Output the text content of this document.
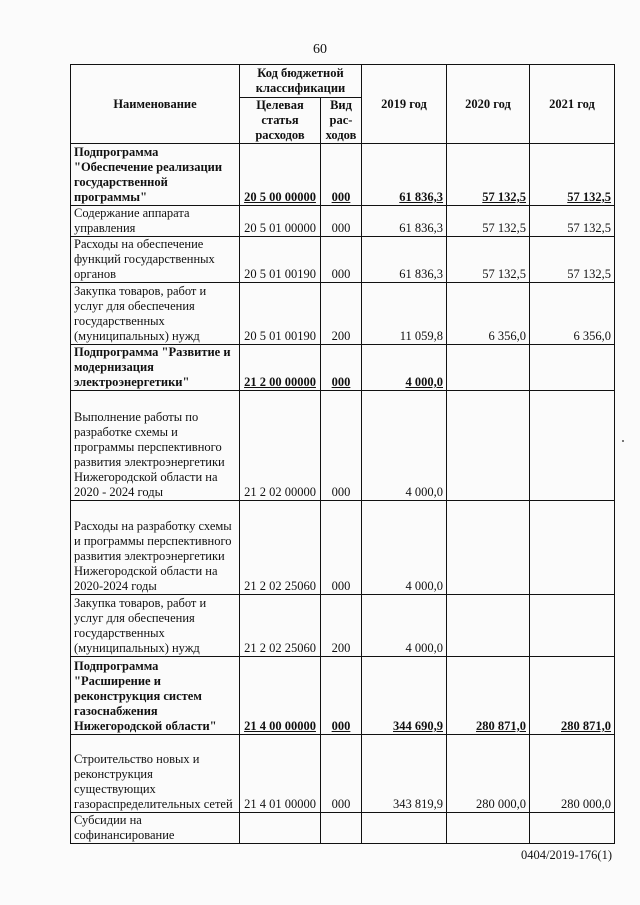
60
Наименование	Код бюджетной классификации		2019 год	2020 год	2021 год
	Целевая статья расходов	Вид рас- ходов			
Подпрограмма "Обеспечение реализации государственной программы"	20 5 00 00000	000	61 836,3	57 132,5	57 132,5
Содержание аппарата управления	20 5 01 00000	000	61 836,3	57 132,5	57 132,5
Расходы на обеспечение функций государственных органов	20 5 01 00190	000	61 836,3	57 132,5	57 132,5
Закупка товаров, работ и услуг для обеспечения государственных (муниципальных) нужд	20 5 01 00190	200	11 059,8	6 356,0	6 356,0
Подпрограмма "Развитие и модернизация электроэнергетики"	21 2 00 00000	000	4 000,0		
Выполнение работы по разработке схемы и программы перспективного развития электроэнергетики Нижегородской области на 2020 - 2024 годы	21 2 02 00000	000	4 000,0		
Расходы на разработку схемы и программы перспективного развития электроэнергетики Нижегородской области на 2020-2024 годы	21 2 02 25060	000	4 000,0		
Закупка товаров, работ и услуг для обеспечения государственных (муниципальных) нужд	21 2 02 25060	200	4 000,0		
Подпрограмма "Расширение и реконструкция систем газоснабжения Нижегородской области"	21 4 00 00000	000	344 690,9	280 871,0	280 871,0
Строительство новых и реконструкция существующих газораспределительных сетей	21 4 01 00000	000	343 819,9	280 000,0	280 000,0
Субсидии на софинансирование					
0404/2019-176(1)
